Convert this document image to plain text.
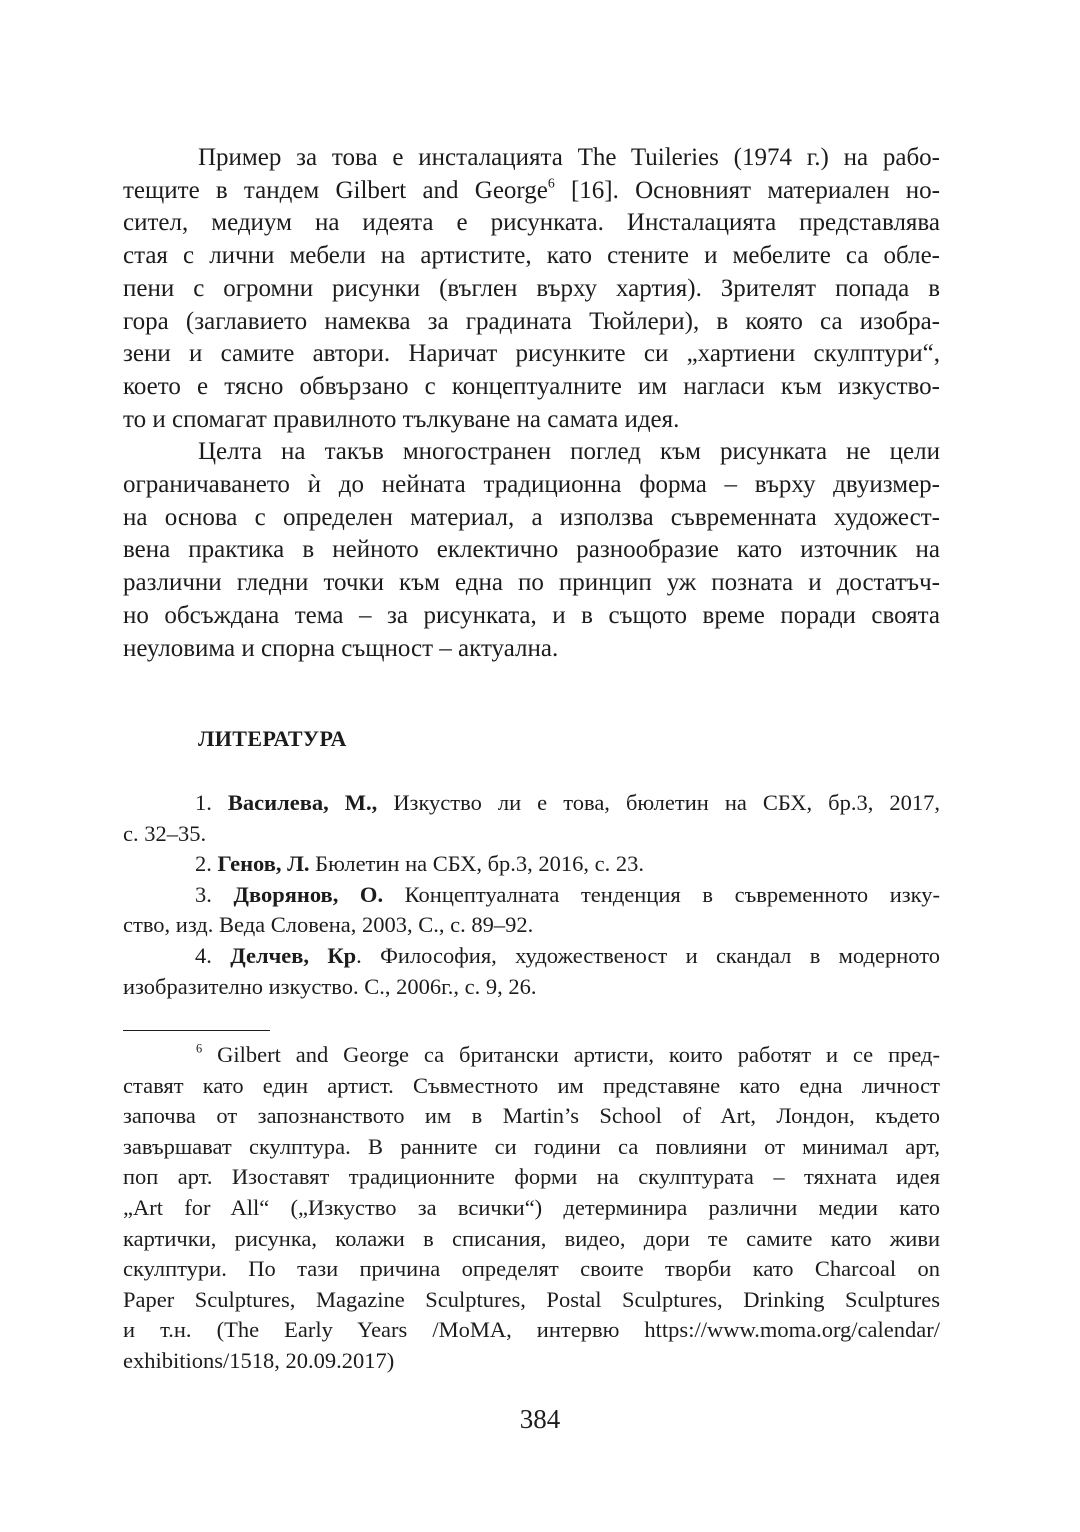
Пример за това е инсталацията The Tuileries (1974 г.) на рабо-
тещите в тандем Gilbert and George$^6$ [16]. Основният материален но-
сител, медиум на идеята е рисунката. Инсталацията представлява
стая с лични мебели на артистите, като стените и мебелите са обле-
пени с огромни рисунки (въглен върху хартия). Зрителят попада в
гора (заглавието намеква за градината Тюйлери), в която са изобра-
зени и самите автори. Наричат рисунките си „хартиени скулптури“,
което е тясно обвързано с концептуалните им нагласи към изкуство-
то и спомагат правилното тълкуване на самата идея.

Целта на такъв многостранен поглед към рисунката не цели
ограничаването ѝ до нейната традиционна форма – върху двуизмер-
на основа с определен материал, а използва съвременната художест-
вена практика в нейното еклектично разнообразие като източник на
различни гледни точки към една по принцип уж позната и достатъч-
но обсъждана тема – за рисунката, и в същото време поради своята
неуловима и спорна същност – актуална.

ЛИТЕРАТУРА

1. Василева, М., Изкуство ли е това, бюлетин на СБХ, бр.3, 2017,
с. 32–35.

2. Генов, Л. Бюлетин на СБХ, бр.3, 2016, с. 23.

3. Дворянов, О. Концептуалната тенденция в съвременното изку-
ство, изд. Веда Словена, 2003, С., с. 89–92.

4. Делчев, Кр. Философия, художественост и скандал в модерното
изобразително изкуство. С., 2006г., с. 9, 26.

$^6$ Gilbert and George са британски артисти, които работят и се пред-
ставят като един артист. Съвместното им представяне като една личност
започва от запознанството им в Martin’s School of Art, Лондон, където
завършават скулптура. В ранните си години са повлияни от минимал арт,
поп арт. Изоставят традиционните форми на скулптурата – тяхната идея
„Art for All“ („Изкуство за всички“) детерминира различни медии като
картички, рисунка, колажи в списания, видео, дори те самите като живи
скулптури. По тази причина определят своите творби като Charcoal on
Paper Sculptures, Magazine Sculptures, Postal Sculptures, Drinking Sculptures
и т.н. (The Early Years /MoMA, интервю https://www.moma.org/calendar/
exhibitions/1518, 20.09.2017)

384
